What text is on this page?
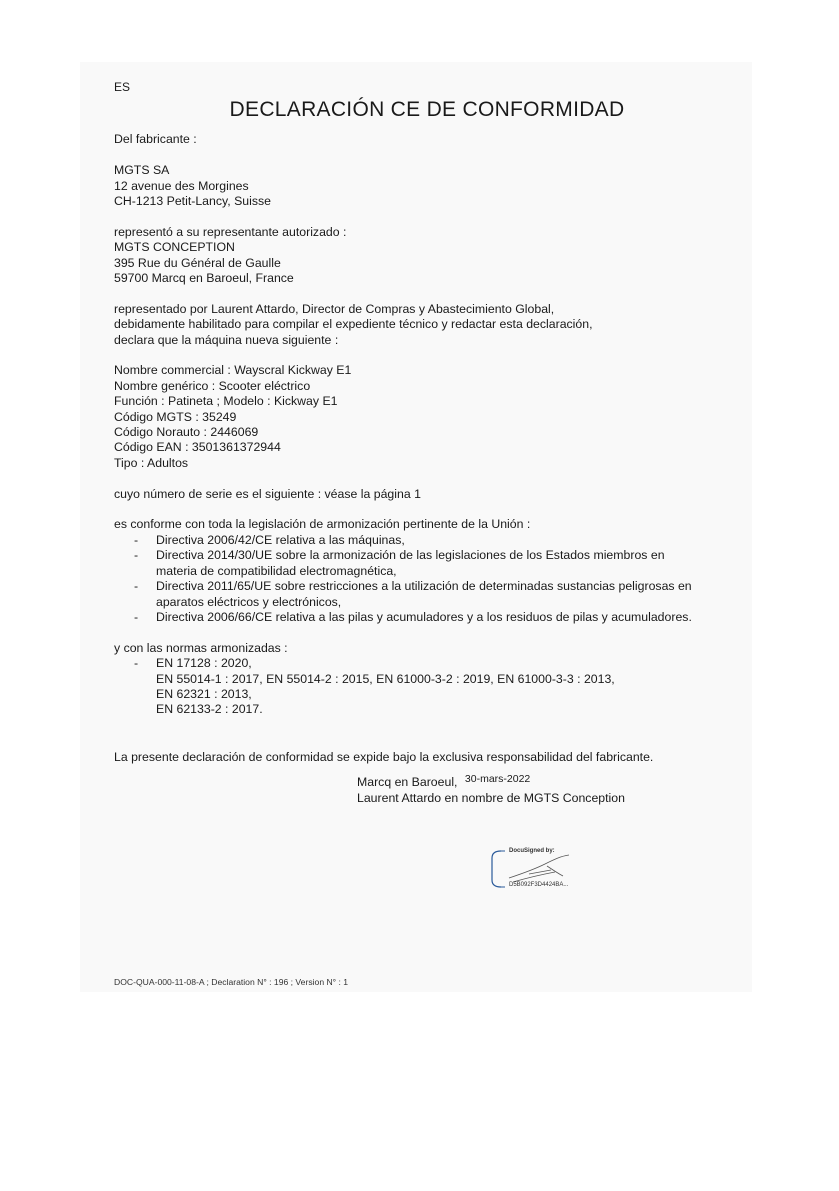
ES
DECLARACIÓN CE DE CONFORMIDAD
Del fabricante :
MGTS SA
12 avenue des Morgines
CH-1213 Petit-Lancy, Suisse
representó a su representante autorizado :
MGTS CONCEPTION
395 Rue du Général de Gaulle
59700 Marcq en Baroeul, France
representado por Laurent Attardo, Director de Compras y Abastecimiento Global,
debidamente habilitado para compilar el expediente técnico y redactar esta declaración,
declara que la máquina nueva siguiente :
Nombre commercial : Wayscral Kickway E1
Nombre genérico : Scooter eléctrico
Función : Patineta ; Modelo : Kickway E1
Código MGTS : 35249
Código Norauto : 2446069
Código EAN : 3501361372944
Tipo : Adultos
cuyo número de serie es el siguiente : véase la página 1
es conforme con toda la legislación de armonización pertinente de la Unión :
- Directiva 2006/42/CE relativa a las máquinas,
- Directiva 2014/30/UE sobre la armonización de las legislaciones de los Estados miembros en
materia de compatibilidad electromagnética,
- Directiva 2011/65/UE sobre restricciones a la utilización de determinadas sustancias peligrosas en
aparatos eléctricos y electrónicos,
- Directiva 2006/66/CE relativa a las pilas y acumuladores y a los residuos de pilas y acumuladores.
y con las normas armonizadas :
- EN 17128 : 2020,
EN 55014-1 : 2017, EN 55014-2 : 2015, EN 61000-3-2 : 2019, EN 61000-3-3 : 2013,
EN 62321 : 2013,
EN 62133-2 : 2017.
La presente declaración de conformidad se expide bajo la exclusiva responsabilidad del fabricante.
Marcq en Baroeul, 30-mars-2022
Laurent Attardo en nombre de MGTS Conception
DocuSigned by:
D5B092F3D4424BA...
DOC-QUA-000-11-08-A ; Declaration N° : 196 ; Version N° : 1
